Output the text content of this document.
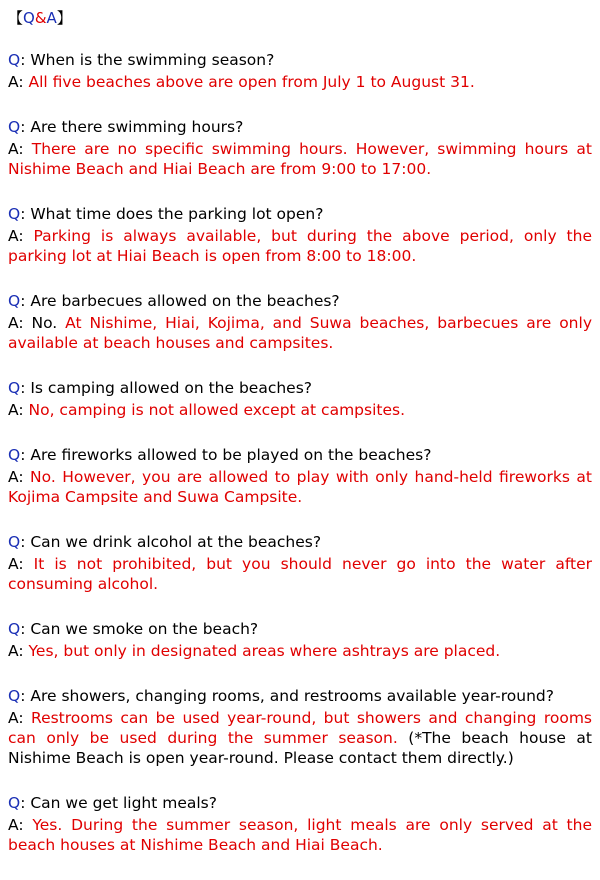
【Q&A】
Q: When is the swimming season?
A: All five beaches above are open from July 1 to August 31.
Q: Are there swimming hours?
A: There are no specific swimming hours. However, swimming hours at Nishime Beach and Hiai Beach are from 9:00 to 17:00.
Q: What time does the parking lot open?
A: Parking is always available, but during the above period, only the parking lot at Hiai Beach is open from 8:00 to 18:00.
Q: Are barbecues allowed on the beaches?
A: No. At Nishime, Hiai, Kojima, and Suwa beaches, barbecues are only available at beach houses and campsites.
Q: Is camping allowed on the beaches?
A: No, camping is not allowed except at campsites.
Q: Are fireworks allowed to be played on the beaches?
A: No. However, you are allowed to play with only hand-held fireworks at Kojima Campsite and Suwa Campsite.
Q: Can we drink alcohol at the beaches?
A: It is not prohibited, but you should never go into the water after consuming alcohol.
Q: Can we smoke on the beach?
A: Yes, but only in designated areas where ashtrays are placed.
Q: Are showers, changing rooms, and restrooms available year-round?
A: Restrooms can be used year-round, but showers and changing rooms can only be used during the summer season. (*The beach house at Nishime Beach is open year-round. Please contact them directly.)
Q: Can we get light meals?
A: Yes. During the summer season, light meals are only served at the beach houses at Nishime Beach and Hiai Beach.
